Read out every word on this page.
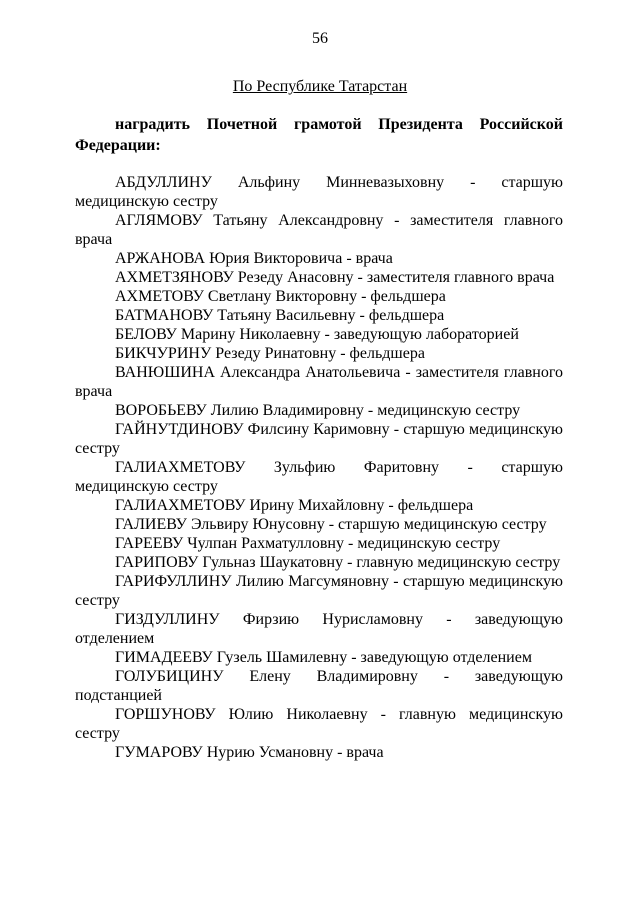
56
По Республике Татарстан

наградить Почетной грамотой Президента Российской Федерации:

АБДУЛЛИНУ Альфину Минневазыховну - старшую медицинскую сестру

АГЛЯМОВУ Татьяну Александровну - заместителя главного врача

АРЖАНОВА Юрия Викторовича - врача

АХМЕТЗЯНОВУ Резеду Анасовну - заместителя главного врача

АХМЕТОВУ Светлану Викторовну - фельдшера

БАТМАНОВУ Татьяну Васильевну - фельдшера

БЕЛОВУ Марину Николаевну - заведующую лабораторией

БИКЧУРИНУ Резеду Ринатовну - фельдшера

ВАНЮШИНА Александра Анатольевича - заместителя главного врача

ВОРОБЬЕВУ Лилию Владимировну - медицинскую сестру

ГАЙНУТДИНОВУ Филсину Каримовну - старшую медицинскую сестру

ГАЛИАХМЕТОВУ Зульфию Фаритовну - старшую медицинскую сестру

ГАЛИАХМЕТОВУ Ирину Михайловну - фельдшера

ГАЛИЕВУ Эльвиру Юнусовну - старшую медицинскую сестру

ГАРЕЕВУ Чулпан Рахматулловну - медицинскую сестру

ГАРИПОВУ Гульназ Шаукатовну - главную медицинскую сестру

ГАРИФУЛЛИНУ Лилию Магсумяновну - старшую медицинскую сестру

ГИЗДУЛЛИНУ Фирзию Нурисламовну - заведующую отделением

ГИМАДЕЕВУ Гузель Шамилевну - заведующую отделением

ГОЛУБИЦИНУ Елену Владимировну - заведующую подстанцией

ГОРШУНОВУ Юлию Николаевну - главную медицинскую сестру

ГУМАРОВУ Нурию Усмановну - врача
